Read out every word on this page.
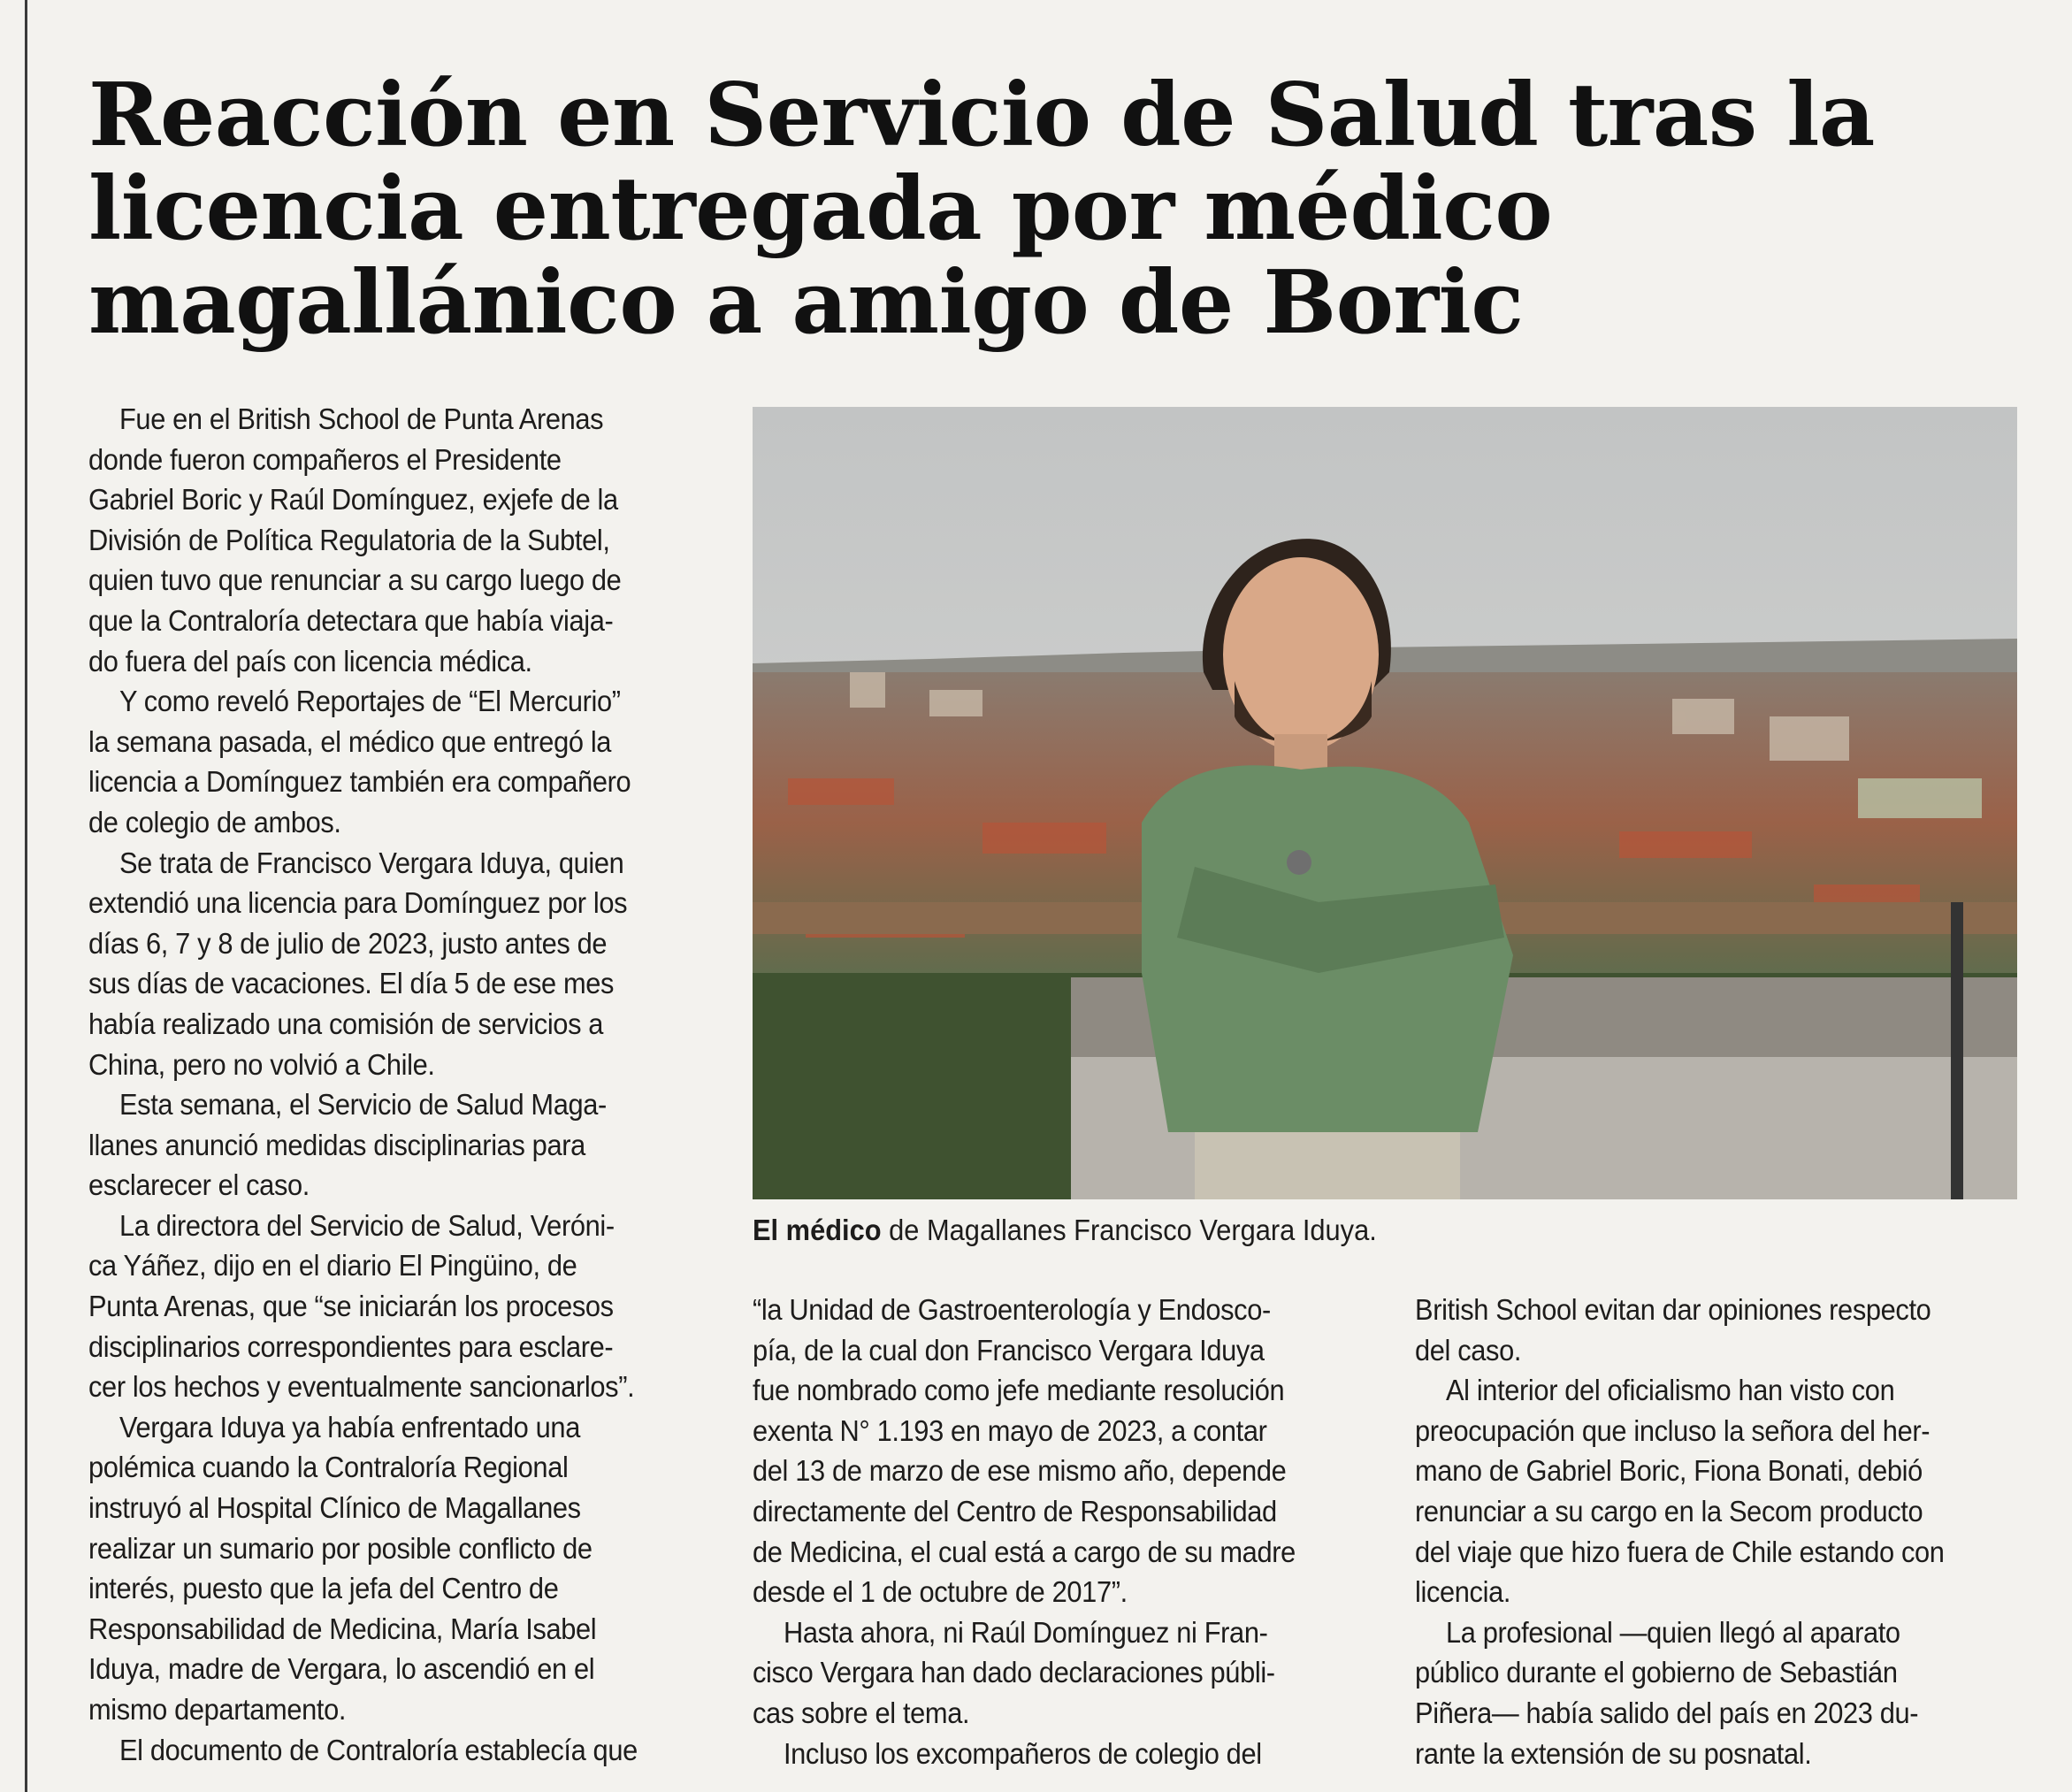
Reacción en Servicio de Salud tras la
licencia entregada por médico
magallánico a amigo de Boric

Fue en el British School de Punta Arenas

donde fueron compañeros el Presidente

Gabriel Boric y Raúl Domínguez, exjefe de la

División de Política Regulatoria de la Subtel,

quien tuvo que renunciar a su cargo luego de

que la Contraloría detectara que había viaja-

do fuera del país con licencia médica.

Y como reveló Reportajes de “El Mercurio”

la semana pasada, el médico que entregó la

licencia a Domínguez también era compañero

de colegio de ambos.

Se trata de Francisco Vergara Iduya, quien

extendió una licencia para Domínguez por los

días 6, 7 y 8 de julio de 2023, justo antes de

sus días de vacaciones. El día 5 de ese mes

había realizado una comisión de servicios a

China, pero no volvió a Chile.

Esta semana, el Servicio de Salud Maga-

llanes anunció medidas disciplinarias para

esclarecer el caso.

La directora del Servicio de Salud, Veróni-

ca Yáñez, dijo en el diario El Pingüino, de

Punta Arenas, que “se iniciarán los procesos

disciplinarios correspondientes para esclare-

cer los hechos y eventualmente sancionarlos”.

Vergara Iduya ya había enfrentado una

polémica cuando la Contraloría Regional

instruyó al Hospital Clínico de Magallanes

realizar un sumario por posible conflicto de

interés, puesto que la jefa del Centro de

Responsabilidad de Medicina, María Isabel

Iduya, madre de Vergara, lo ascendió en el

mismo departamento.

El documento de Contraloría establecía que

El médico de Magallanes Francisco Vergara Iduya.

“la Unidad de Gastroenterología y Endosco-

pía, de la cual don Francisco Vergara Iduya

fue nombrado como jefe mediante resolución

exenta N° 1.193 en mayo de 2023, a contar

del 13 de marzo de ese mismo año, depende

directamente del Centro de Responsabilidad

de Medicina, el cual está a cargo de su madre

desde el 1 de octubre de 2017”.

Hasta ahora, ni Raúl Domínguez ni Fran-

cisco Vergara han dado declaraciones públi-

cas sobre el tema.

Incluso los excompañeros de colegio del

British School evitan dar opiniones respecto

del caso.

Al interior del oficialismo han visto con

preocupación que incluso la señora del her-

mano de Gabriel Boric, Fiona Bonati, debió

renunciar a su cargo en la Secom producto

del viaje que hizo fuera de Chile estando con

licencia.

La profesional —quien llegó al aparato

público durante el gobierno de Sebastián

Piñera— había salido del país en 2023 du-

rante la extensión de su posnatal.
